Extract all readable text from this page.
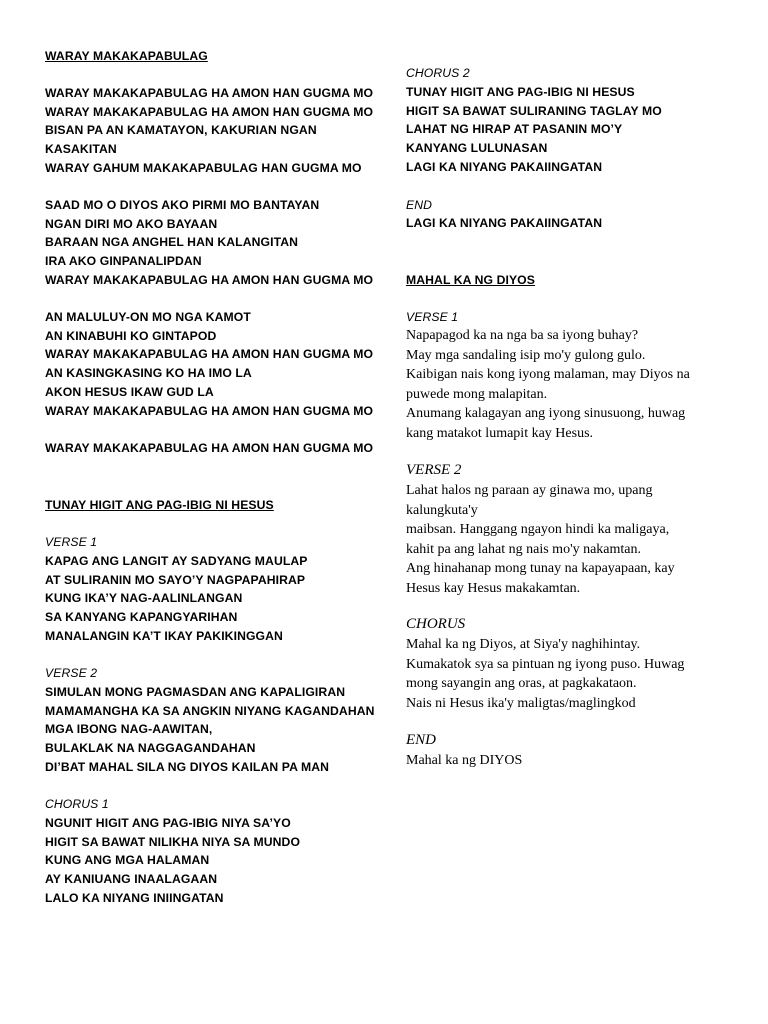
WARAY MAKAKAPABULAG
WARAY MAKAKAPABULAG HA AMON HAN GUGMA MO
WARAY MAKAKAPABULAG HA AMON HAN GUGMA MO
BISAN PA AN KAMATAYON, KAKURIAN NGAN
KASAKITAN
WARAY GAHUM MAKAKAPABULAG HAN GUGMA MO
SAAD MO O DIYOS AKO PIRMI MO BANTAYAN
NGAN DIRI MO AKO BAYAAN
BARAAN NGA ANGHEL HAN KALANGITAN
IRA AKO GINPANALIPDAN
WARAY MAKAKAPABULAG HA AMON HAN GUGMA MO
AN MALULUY-ON MO NGA KAMOT
AN KINABUHI KO GINTAPOD
WARAY MAKAKAPABULAG HA AMON HAN GUGMA MO
AN KASINGKASING KO HA IMO LA
AKON HESUS IKAW GUD LA
WARAY MAKAKAPABULAG HA AMON HAN GUGMA MO
WARAY MAKAKAPABULAG HA AMON HAN GUGMA MO
TUNAY HIGIT ANG PAG-IBIG NI HESUS
VERSE 1
KAPAG ANG LANGIT AY SADYANG MAULAP
AT SULIRANIN MO SAYO’Y NAGPAPAHIRAP
KUNG IKA’Y NAG-AALINLANGAN
SA KANYANG KAPANGYARIHAN
MANALANGIN KA’T IKAY PAKIKINGGAN
VERSE 2
SIMULAN MONG PAGMASDAN ANG KAPALIGIRAN
MAMAMANGHA KA SA ANGKIN NIYANG KAGANDAHAN
MGA IBONG NAG-AAWITAN,
BULAKLAK NA NAGGAGANDAHAN
DI’BAT MAHAL SILA NG DIYOS KAILAN PA MAN
CHORUS 1
NGUNIT HIGIT ANG PAG-IBIG NIYA SA’YO
HIGIT SA BAWAT NILIKHA NIYA SA MUNDO
KUNG ANG MGA HALAMAN
AY KANIUANG INAALAGAAN
LALO KA NIYANG INIINGATAN
CHORUS 2
TUNAY HIGIT ANG PAG-IBIG NI HESUS
HIGIT SA BAWAT SULIRANING TAGLAY MO
LAHAT NG HIRAP AT PASANIN MO’Y
KANYANG LULUNASAN
LAGI KA NIYANG PAKAIINGATAN
END
LAGI KA NIYANG PAKAIINGATAN
MAHAL KA NG DIYOS
VERSE 1
Napapagod ka na nga ba sa iyong buhay?
May mga sandaling isip mo'y gulong gulo.
Kaibigan nais kong iyong malaman, may Diyos na
puwede mong malapitan.
Anumang kalagayan ang iyong sinusuong, huwag
kang matakot lumapit kay Hesus.
VERSE 2
Lahat halos ng paraan ay ginawa mo, upang
kalungkuta'y
maibsan. Hanggang ngayon hindi ka maligaya,
kahit pa ang lahat ng nais mo'y nakamtan.
Ang hinahanap mong tunay na kapayapaan, kay
Hesus kay Hesus makakamtan.
CHORUS
Mahal ka ng Diyos, at Siya'y naghihintay.
Kumakatok sya sa pintuan ng iyong puso. Huwag
mong sayangin ang oras, at pagkakataon.
Nais ni Hesus ika'y maligtas/maglingkod
END
Mahal ka ng DIYOS
